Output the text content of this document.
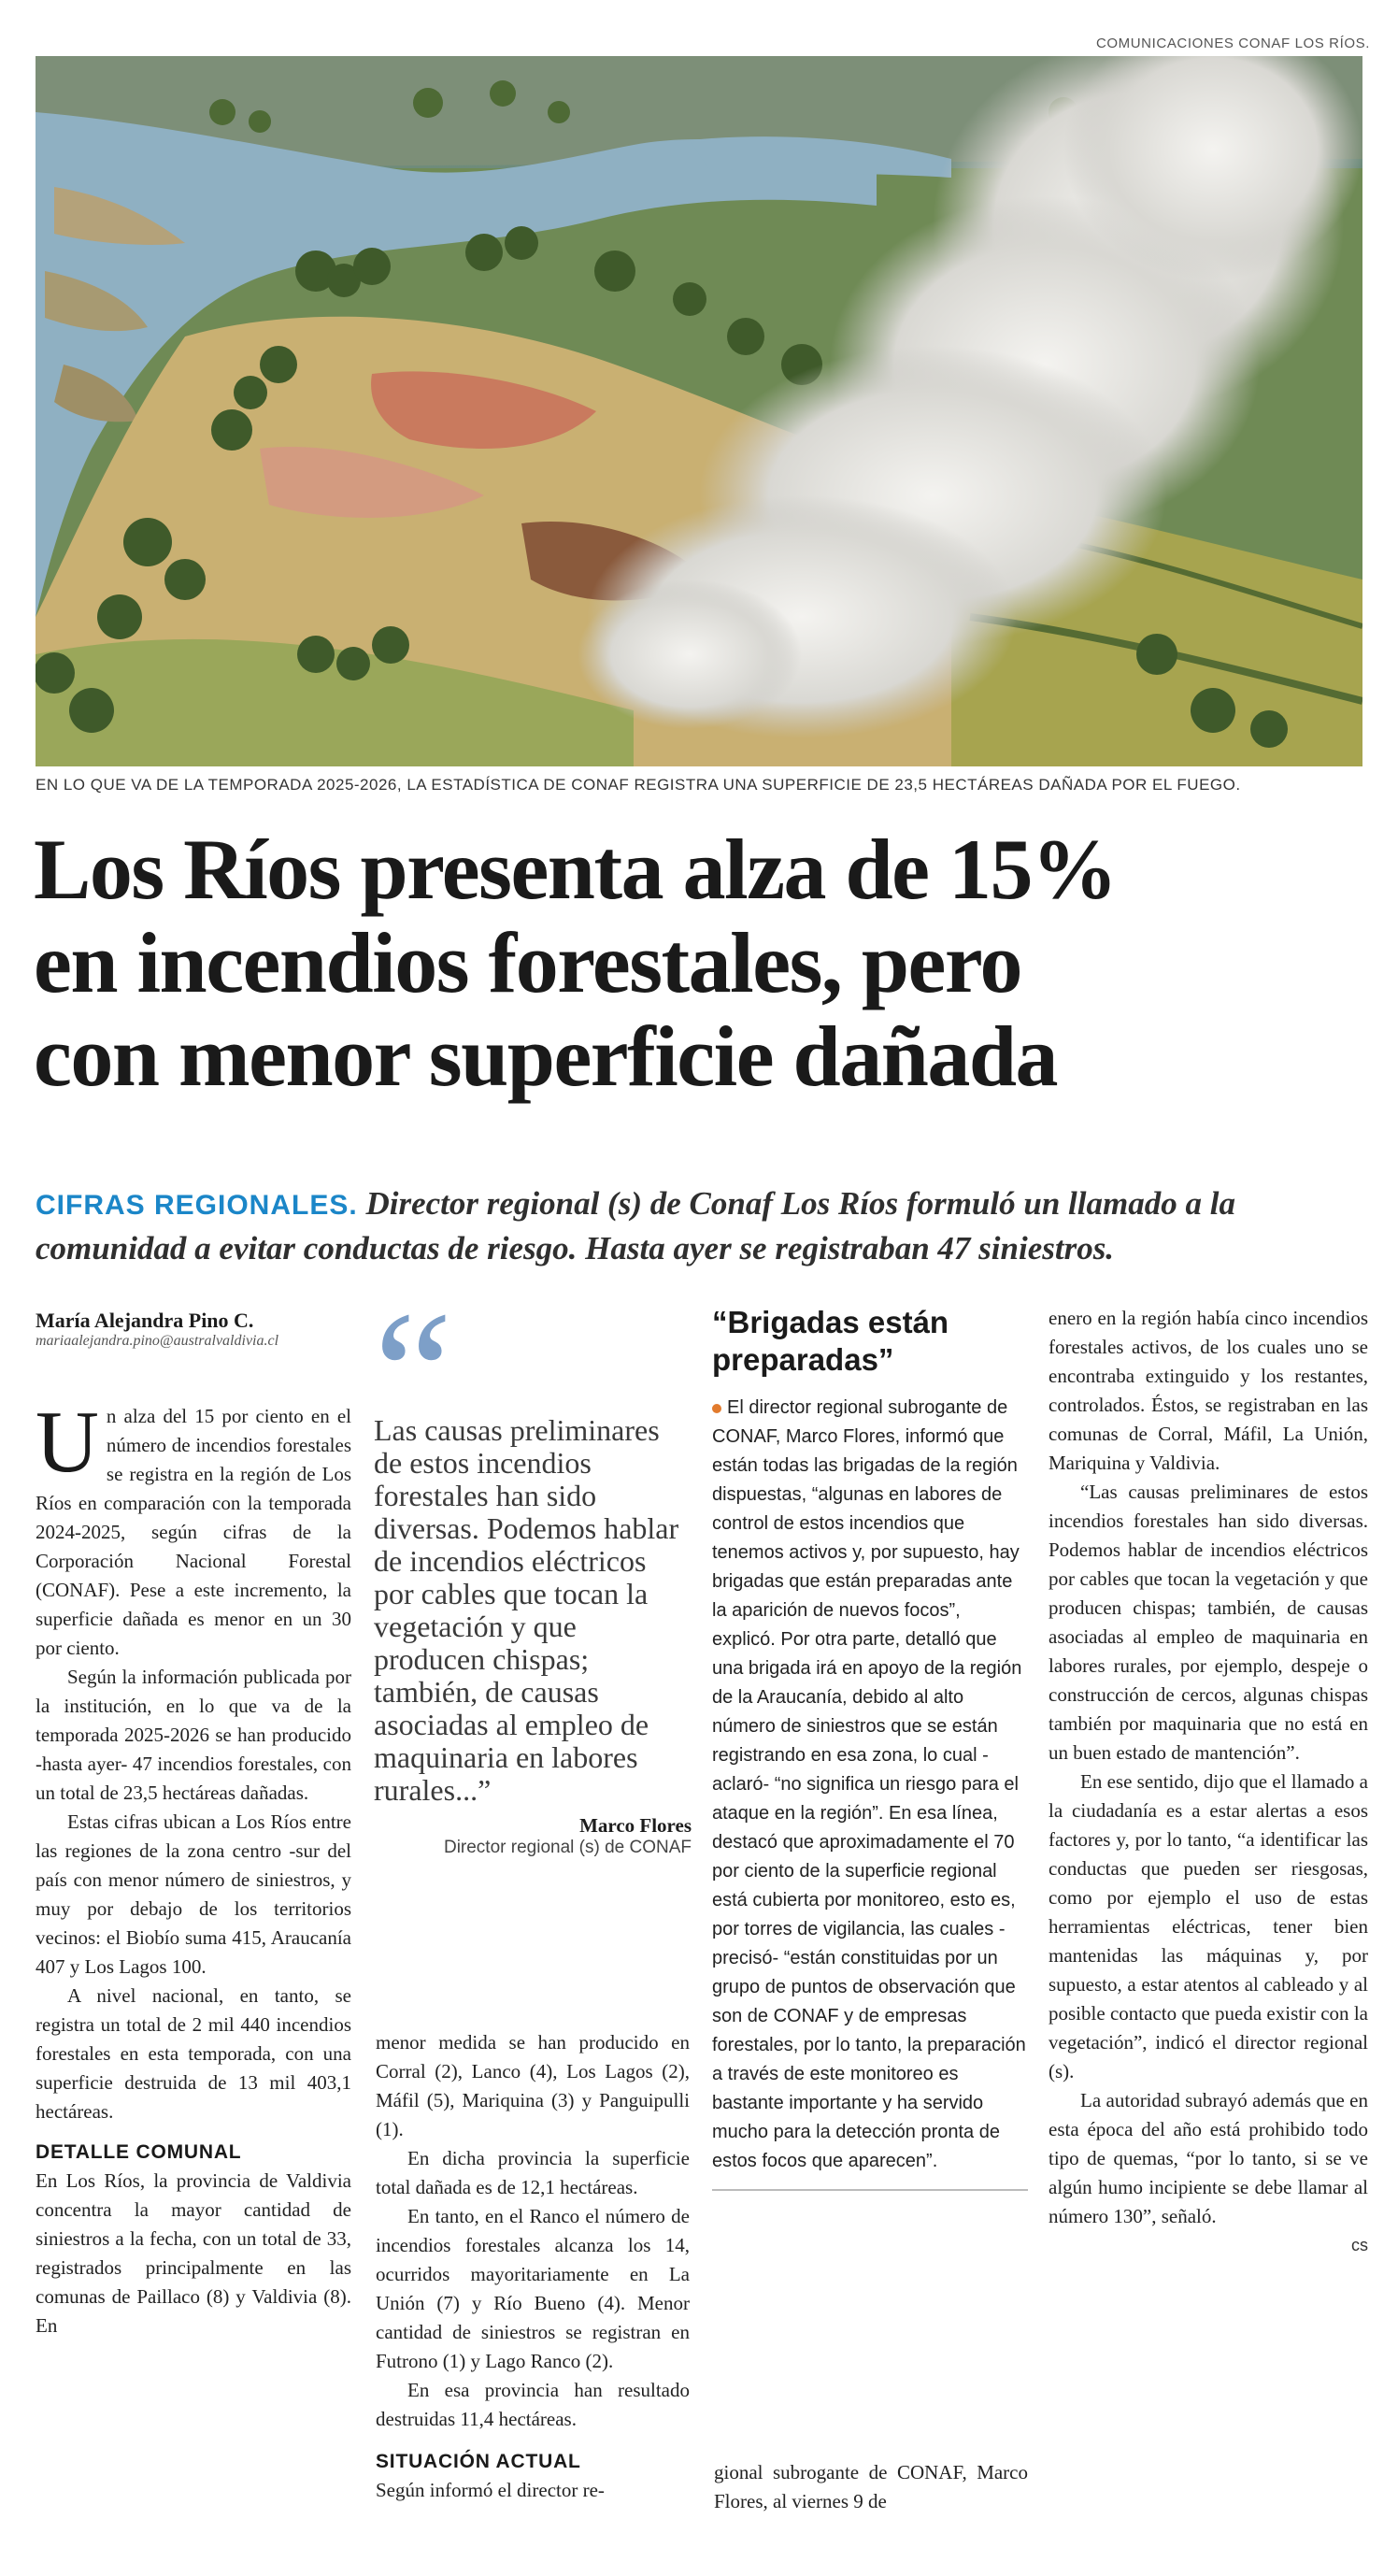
COMUNICACIONES CONAF LOS RÍOS.
EN LO QUE VA DE LA TEMPORADA 2025-2026, LA ESTADÍSTICA DE CONAF REGISTRA UNA SUPERFICIE DE 23,5 HECTÁREAS DAÑADA POR EL FUEGO.
Los Ríos presenta alza de 15%
en incendios forestales, pero
con menor superficie dañada
CIFRAS REGIONALES. Director regional (s) de Conaf Los Ríos formuló un llamado a la comunidad a evitar conductas de riesgo. Hasta ayer se registraban 47 siniestros.
María Alejandra Pino C.
mariaalejandra.pino@australvaldivia.cl

Un alza del 15 por ciento en el número de incendios forestales se registra en la región de Los Ríos en comparación con la temporada 2024-2025, según cifras de la Corporación Nacional Forestal (CONAF). Pese a este incremento, la superficie dañada es menor en un 30 por ciento.

Según la información publicada por la institución, en lo que va de la temporada 2025-2026 se han producido -hasta ayer- 47 incendios forestales, con un total de 23,5 hectáreas dañadas.

Estas cifras ubican a Los Ríos entre las regiones de la zona centro -sur del país con menor número de siniestros, y muy por debajo de los territorios vecinos: el Biobío suma 415, Araucanía 407 y Los Lagos 100.

A nivel nacional, en tanto, se registra un total de 2 mil 440 incendios forestales en esta temporada, con una superficie destruida de 13 mil 403,1 hectáreas.

DETALLE COMUNAL

En Los Ríos, la provincia de Valdivia concentra la mayor cantidad de siniestros a la fecha, con un total de 33, registrados principalmente en las comunas de Paillaco (8) y Valdivia (8). En

“
Las causas preliminares de estos incendios forestales han sido diversas. Podemos hablar de incendios eléctricos por cables que tocan la vegetación y que producen chispas; también, de causas asociadas al empleo de maquinaria en labores rurales...”
Marco Flores
Director regional (s) de CONAF

menor medida se han producido en Corral (2), Lanco (4), Los Lagos (2), Máfil (5), Mariquina (3) y Panguipulli (1).

En dicha provincia la superficie total dañada es de 12,1 hectáreas.

En tanto, en el Ranco el número de incendios forestales alcanza los 14, ocurridos mayoritariamente en La Unión (7) y Río Bueno (4). Menor cantidad de siniestros se registran en Futrono (1) y Lago Ranco (2).

En esa provincia han resultado destruidas 11,4 hectáreas.

SITUACIÓN ACTUAL

Según informó el director re-

“Brigadas están preparadas”

El director regional subrogante de CONAF, Marco Flores, informó que están todas las brigadas de la región dispuestas, “algunas en labores de control de estos incendios que tenemos activos y, por supuesto, hay brigadas que están preparadas ante la aparición de nuevos focos”, explicó. Por otra parte, detalló que una brigada irá en apoyo de la región de la Araucanía, debido al alto número de siniestros que se están registrando en esa zona, lo cual -aclaró- “no significa un riesgo para el ataque en la región”. En esa línea, destacó que aproximadamente el 70 por ciento de la superficie regional está cubierta por monitoreo, esto es, por torres de vigilancia, las cuales -precisó- “están constituidas por un grupo de puntos de observación que son de CONAF y de empresas forestales, por lo tanto, la preparación a través de este monitoreo es bastante importante y ha servido mucho para la detección pronta de estos focos que aparecen”.

gional subrogante de CONAF, Marco Flores, al viernes 9 de

enero en la región había cinco incendios forestales activos, de los cuales uno se encontraba extinguido y los restantes, controlados. Éstos, se registraban en las comunas de Corral, Máfil, La Unión, Mariquina y Valdivia.

“Las causas preliminares de estos incendios forestales han sido diversas. Podemos hablar de incendios eléctricos por cables que tocan la vegetación y que producen chispas; también, de causas asociadas al empleo de maquinaria en labores rurales, por ejemplo, despeje o construcción de cercos, algunas chispas también por maquinaria que no está en un buen estado de mantención”.

En ese sentido, dijo que el llamado a la ciudadanía es a estar alertas a esos factores y, por lo tanto, “a identificar las conductas que pueden ser riesgosas, como por ejemplo el uso de estas herramientas eléctricas, tener bien mantenidas las máquinas y, por supuesto, a estar atentos al cableado y al posible contacto que pueda existir con la vegetación”, indicó el director regional (s).

La autoridad subrayó además que en esta época del año está prohibido todo tipo de quemas, “por lo tanto, si se ve algún humo incipiente se debe llamar al número 130”, señaló.

cs
